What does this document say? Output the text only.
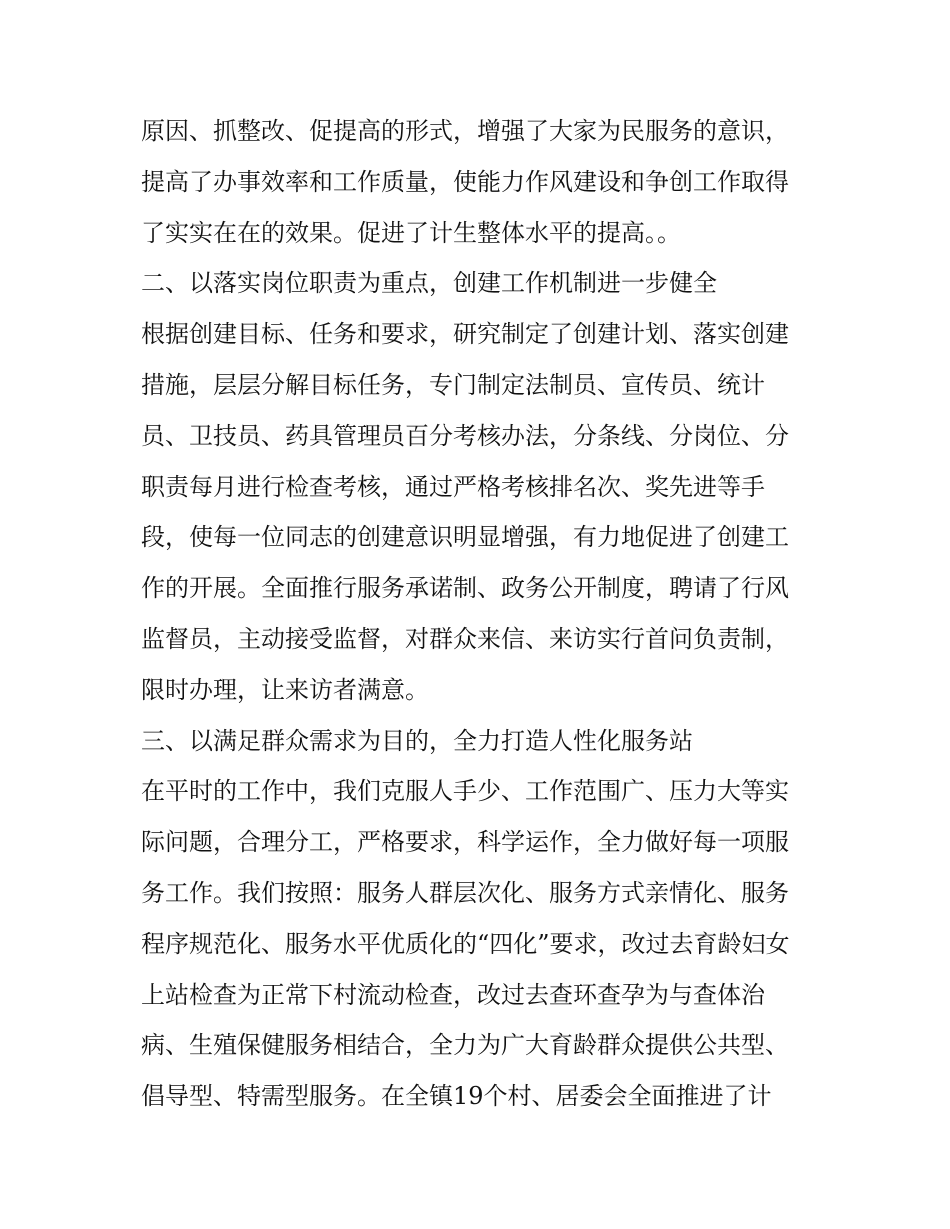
原因、抓整改、促提高的形式，增强了大家为民服务的意识，
提高了办事效率和工作质量，使能力作风建设和争创工作取得
了实实在在的效果。促进了计生整体水平的提高。。
二、以落实岗位职责为重点，创建工作机制进一步健全
根据创建目标、任务和要求，研究制定了创建计划、落实创建
措施，层层分解目标任务，专门制定法制员、宣传员、统计
员、卫技员、药具管理员百分考核办法，分条线、分岗位、分
职责每月进行检查考核，通过严格考核排名次、奖先进等手
段，使每一位同志的创建意识明显增强，有力地促进了创建工
作的开展。全面推行服务承诺制、政务公开制度，聘请了行风
监督员，主动接受监督，对群众来信、来访实行首问负责制，
限时办理，让来访者满意。
三、以满足群众需求为目的，全力打造人性化服务站
在平时的工作中，我们克服人手少、工作范围广、压力大等实
际问题，合理分工，严格要求，科学运作，全力做好每一项服
务工作。我们按照：服务人群层次化、服务方式亲情化、服务
程序规范化、服务水平优质化的“四化”要求，改过去育龄妇女
上站检查为正常下村流动检查，改过去查环查孕为与查体治
病、生殖保健服务相结合，全力为广大育龄群众提供公共型、
倡导型、特需型服务。在全镇19个村、居委会全面推进了计
